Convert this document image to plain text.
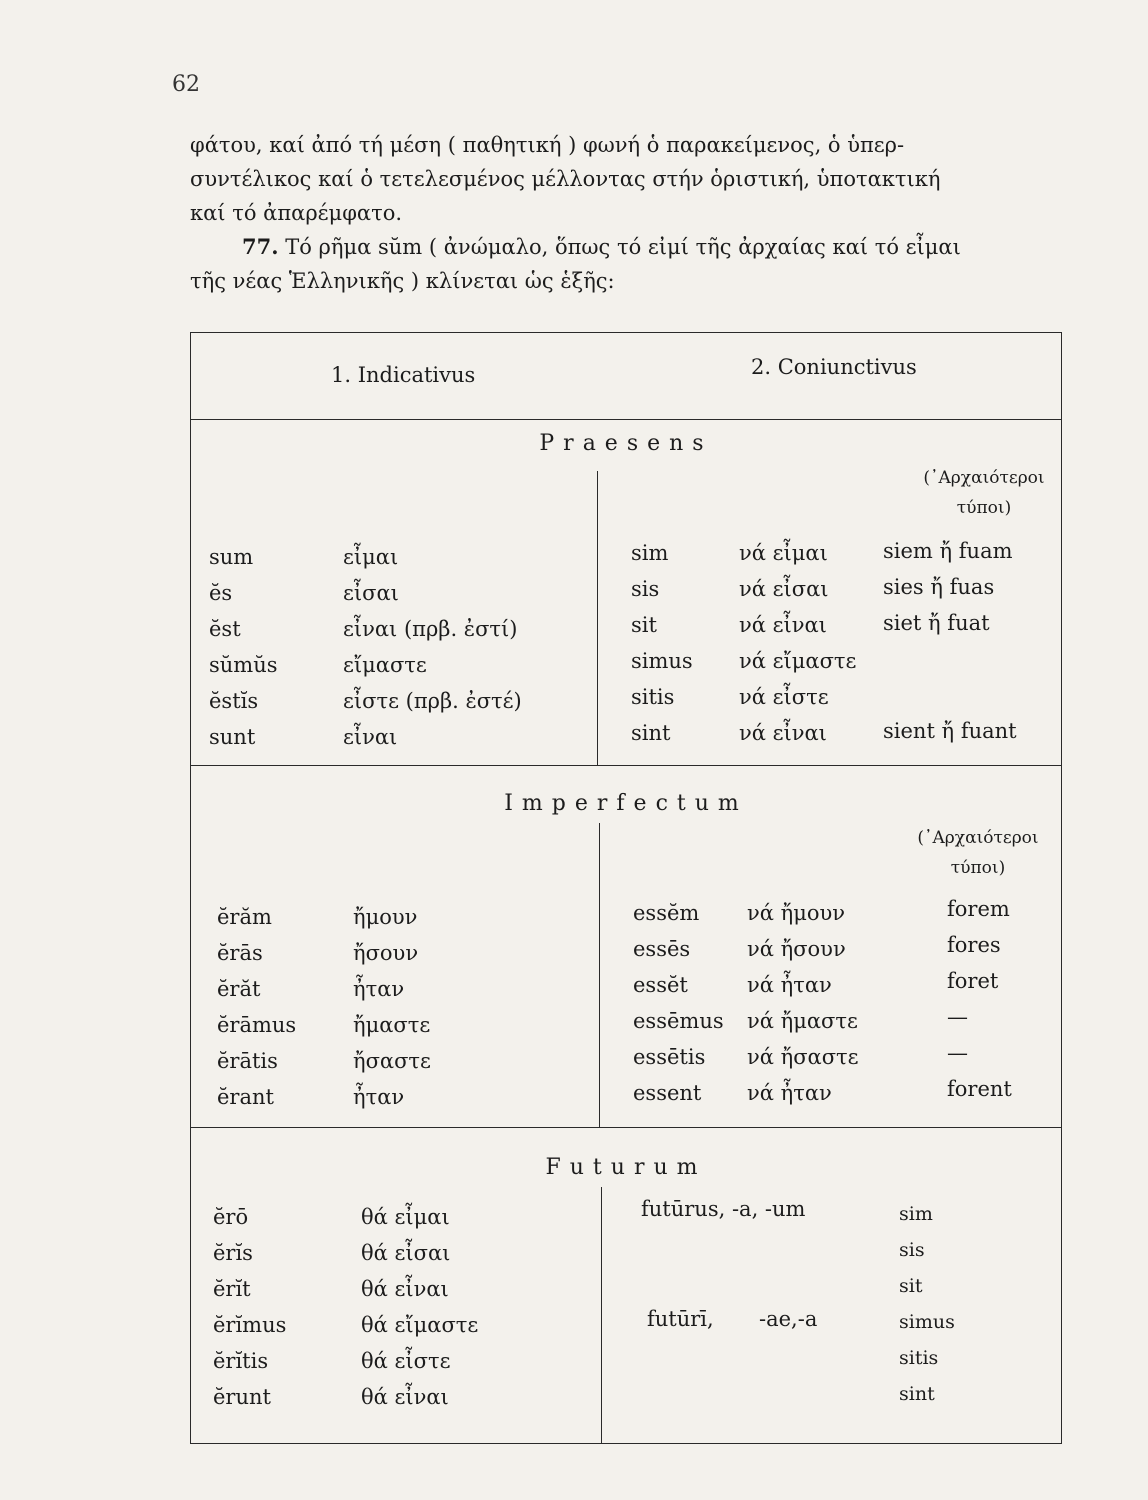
62

φάτου, καί ἀπό τή μέση ( παθητική ) φωνή ὁ παρακείμενος, ὁ ὑπερ-

συντέλικος καί ὁ τετελεσμένος μέλλοντας στήν ὁριστική, ὑποτακτική

καί τό ἀπαρέμφατο.

77. Τό ρῆμα sŭm ( ἀνώμαλο, ὅπως τό εἰμί τῆς ἀρχαίας καί τό εἶμαι

τῆς νέας Ἑλληνικῆς ) κλίνεται ὡς ἑξῆς:

1. Indicativus	2. Coniunctivus
Praesens
(᾽Αρχαιότεροι
τύποι)
sum	εἶμαι	sim	νά εἶμαι	siem ἤ fuam
ĕs	εἶσαι	sis	νά εἶσαι	sies ἤ fuas
ĕst	εἶναι (πρβ. ἐστί)	sit	νά εἶναι	siet ἤ fuat
sŭmŭs	εἴμαστε	simus νά εἴμαστε
ĕstĭs	εἶστε (πρβ. ἐστέ)	sitis	νά εἶστε
sunt	εἶναι	sint	νά εἶναι	sient ἤ fuant
Imperfectum
(᾽Αρχαιότεροι
τύποι)
ĕrăm	ἤμουν	essĕm νά ἤμουν	forem
ĕrās	ἤσουν	essēs	νά ἤσουν	fores
ĕrăt	ἦταν	essĕt	νά ἦταν	foret
ĕrāmus	ἤμαστε	essēmus νά ἤμαστε	—
ĕrātis	ἤσαστε	essētis νά ἤσαστε	—
ĕrant	ἦταν	essent νά ἦταν	forent
Futurum
futūrus, -a, -um
futūrī, -ae,-a
ĕrō	θά εἶμαι	sim
ĕrĭs	θά εἶσαι	sis
ĕrĭt	θά εἶναι	sit
ĕrĭmus	θά εἴμαστε	simus
ĕrĭtis	θά εἶστε	sitis
ĕrunt	θά εἶναι	sint
